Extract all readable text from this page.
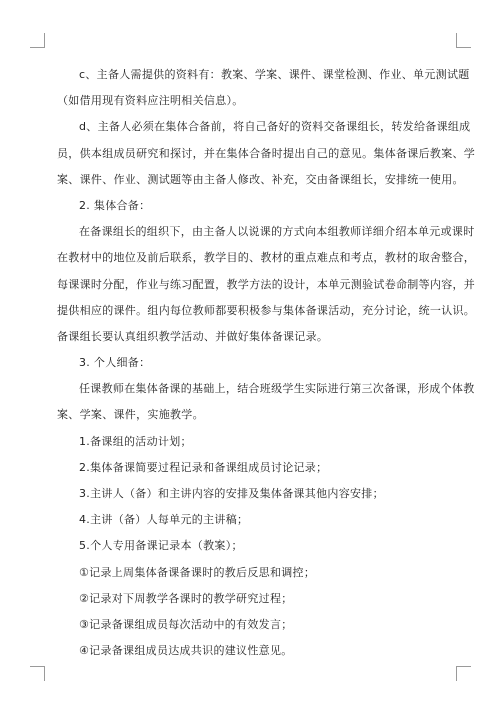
c、主备人需提供的资料有：教案、学案、课件、课堂检测、作业、单元测试题
（如借用现有资料应注明相关信息）。
d、主备人必须在集体合备前，将自己备好的资料交备课组长，转发给备课组成
员，供本组成员研究和探讨，并在集体合备时提出自己的意见。集体备课后教案、学
案、课件、作业、测试题等由主备人修改、补充，交由备课组长，安排统一使用。
2. 集体合备：
在备课组长的组织下，由主备人以说课的方式向本组教师详细介绍本单元或课时
在教材中的地位及前后联系，教学目的、教材的重点难点和考点，教材的取舍整合，
每课课时分配，作业与练习配置，教学方法的设计，本单元测验试卷命制等内容，并
提供相应的课件。组内每位教师都要积极参与集体备课活动，充分讨论，统一认识。
备课组长要认真组织教学活动、并做好集体备课记录。
3. 个人细备：
任课教师在集体备课的基础上，结合班级学生实际进行第三次备课，形成个体教
案、学案、课件，实施教学。
1.备课组的活动计划；
2.集体备课简要过程记录和备课组成员讨论记录；
3.主讲人（备）和主讲内容的安排及集体备课其他内容安排；
4.主讲（备）人每单元的主讲稿；
5.个人专用备课记录本（教案）；
①记录上周集体备课备课时的教后反思和调控；
②记录对下周教学各课时的教学研究过程；
③记录备课组成员每次活动中的有效发言；
④记录备课组成员达成共识的建议性意见。
